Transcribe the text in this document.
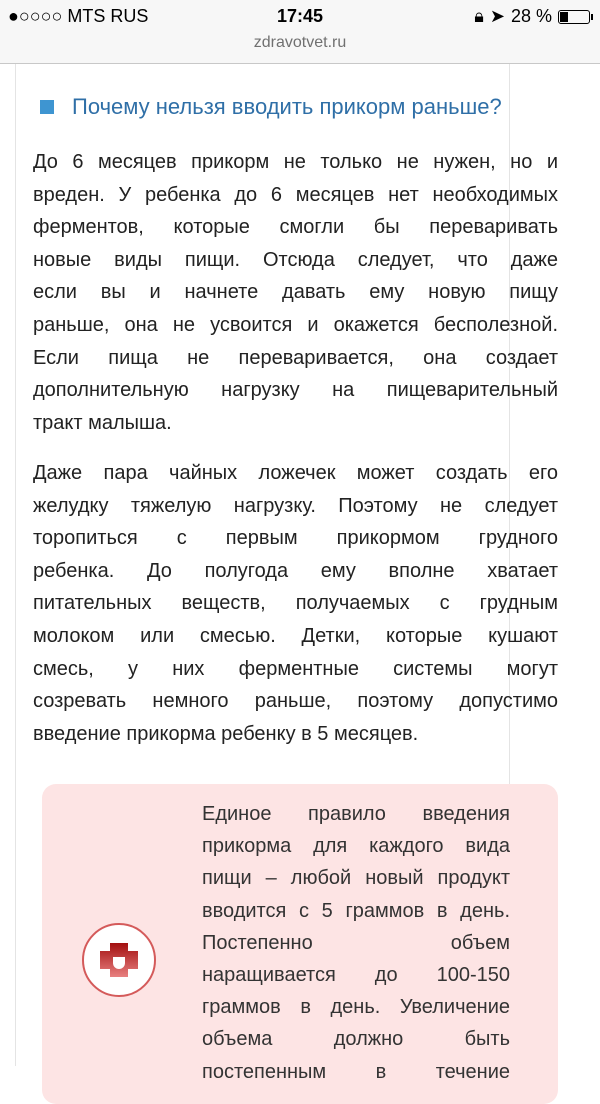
●○○○○ MTS RUS	17:45	🔒︎ ➤ 28 %
zdravotvet.ru
Почему нельзя вводить прикорм раньше?
До 6 месяцев прикорм не только не нужен, но и
вреден. У ребенка до 6 месяцев нет необходимых
ферментов, которые смогли бы переваривать
новые виды пищи. Отсюда следует, что даже
если вы и начнете давать ему новую пищу
раньше, она не усвоится и окажется бесполезной.
Если пища не переваривается, она создает
дополнительную нагрузку на пищеварительный
тракт малыша.
Даже пара чайных ложечек может создать его
желудку тяжелую нагрузку. Поэтому не следует
торопиться с первым прикормом грудного
ребенка. До полугода ему вполне хватает
питательных веществ, получаемых с грудным
молоком или смесью. Детки, которые кушают
смесь, у них ферментные системы могут
созревать немного раньше, поэтому допустимо
введение прикорма ребенку в 5 месяцев.
Единое правило введения
прикорма для каждого вида
пищи – любой новый продукт
вводится с 5 граммов в день.
Постепенно объем
наращивается до 100-150
граммов в день. Увеличение
объема должно быть
постепенным в течение
